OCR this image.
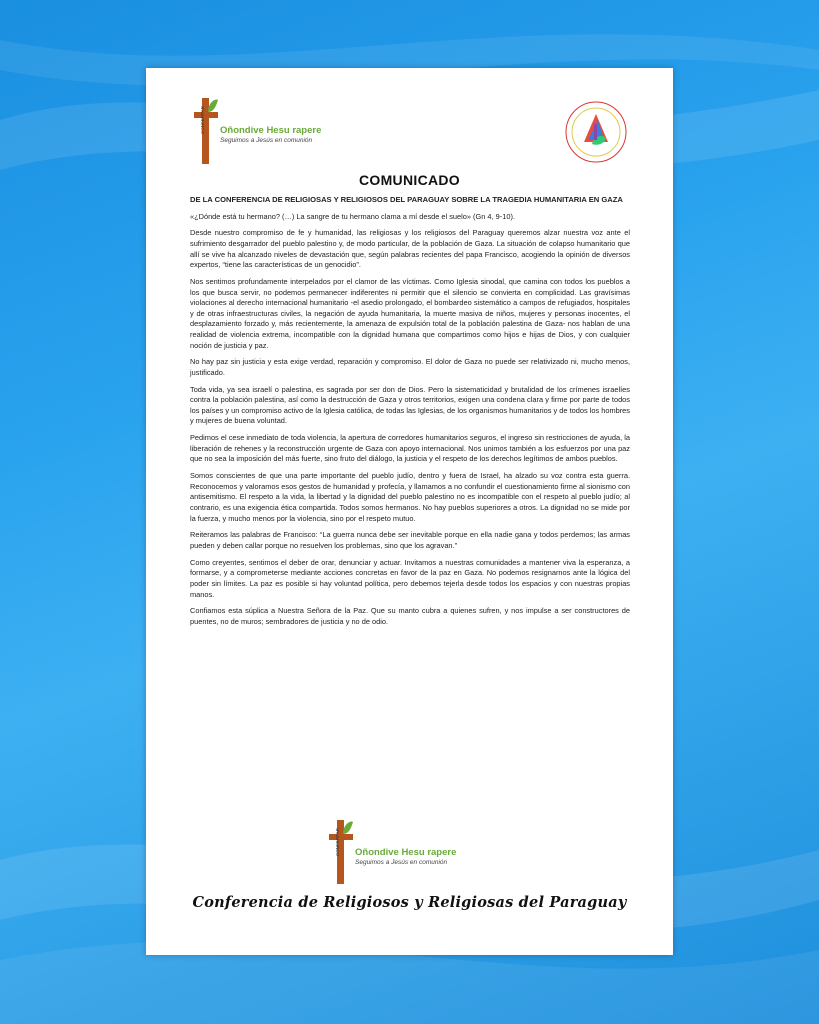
CONFERPAR Oñondive Hesu rapere
Seguimos a Jesús en comunión
COMUNICADO
DE LA CONFERENCIA DE RELIGIOSAS Y RELIGIOSOS DEL PARAGUAY SOBRE LA TRAGEDIA HUMANITARIA EN GAZA

«¿Dónde está tu hermano? (…) La sangre de tu hermano clama a mí desde el suelo» (Gn 4, 9-10).

Desde nuestro compromiso de fe y humanidad, las religiosas y los religiosos del Paraguay queremos alzar nuestra voz ante el sufrimiento desgarrador del pueblo palestino y, de modo particular, de la población de Gaza. La situación de colapso humanitario que allí se vive ha alcanzado niveles de devastación que, según palabras recientes del papa Francisco, acogiendo la opinión de diversos expertos, “tiene las características de un genocidio”.

Nos sentimos profundamente interpelados por el clamor de las víctimas. Como Iglesia sinodal, que camina con todos los pueblos a los que busca servir, no podemos permanecer indiferentes ni permitir que el silencio se convierta en complicidad. Las gravísimas violaciones al derecho internacional humanitario -el asedio prolongado, el bombardeo sistemático a campos de refugiados, hospitales y de otras infraestructuras civiles, la negación de ayuda humanitaria, la muerte masiva de niños, mujeres y personas inocentes, el desplazamiento forzado y, más recientemente, la amenaza de expulsión total de la población palestina de Gaza- nos hablan de una realidad de violencia extrema, incompatible con la dignidad humana que compartimos como hijos e hijas de Dios, y con cualquier noción de justicia y paz.

No hay paz sin justicia y esta exige verdad, reparación y compromiso. El dolor de Gaza no puede ser relativizado ni, mucho menos, justificado.

Toda vida, ya sea israelí o palestina, es sagrada por ser don de Dios. Pero la sistematicidad y brutalidad de los crímenes israelíes contra la población palestina, así como la destrucción de Gaza y otros territorios, exigen una condena clara y firme por parte de todos los países y un compromiso activo de la Iglesia católica, de todas las Iglesias, de los organismos humanitarios y de todos los hombres y mujeres de buena voluntad.

Pedimos el cese inmediato de toda violencia, la apertura de corredores humanitarios seguros, el ingreso sin restricciones de ayuda, la liberación de rehenes y la reconstrucción urgente de Gaza con apoyo internacional. Nos unimos también a los esfuerzos por una paz que no sea la imposición del más fuerte, sino fruto del diálogo, la justicia y el respeto de los derechos legítimos de ambos pueblos.

Somos conscientes de que una parte importante del pueblo judío, dentro y fuera de Israel, ha alzado su voz contra esta guerra. Reconocemos y valoramos esos gestos de humanidad y profecía, y llamamos a no confundir el cuestionamiento firme al sionismo con antisemitismo. El respeto a la vida, la libertad y la dignidad del pueblo palestino no es incompatible con el respeto al pueblo judío; al contrario, es una exigencia ética compartida. Todos somos hermanos. No hay pueblos superiores a otros. La dignidad no se mide por la fuerza, y mucho menos por la violencia, sino por el respeto mutuo.

Reiteramos las palabras de Francisco: “La guerra nunca debe ser inevitable porque en ella nadie gana y todos perdemos; las armas pueden y deben callar porque no resuelven los problemas, sino que los agravan.”

Como creyentes, sentimos el deber de orar, denunciar y actuar. Invitamos a nuestras comunidades a mantener viva la esperanza, a formarse, y a comprometerse mediante acciones concretas en favor de la paz en Gaza. No podemos resignarnos ante la lógica del poder sin límites. La paz es posible si hay voluntad política, pero debemos tejerla desde todos los espacios y con nuestras propias manos.

Confiamos esta súplica a Nuestra Señora de la Paz. Que su manto cubra a quienes sufren, y nos impulse a ser constructores de puentes, no de muros; sembradores de justicia y no de odio.

CONFERPAR Oñondive Hesu rapere
Seguimos a Jesús en comunión
Conferencia de Religiosos y Religiosas del Paraguay
